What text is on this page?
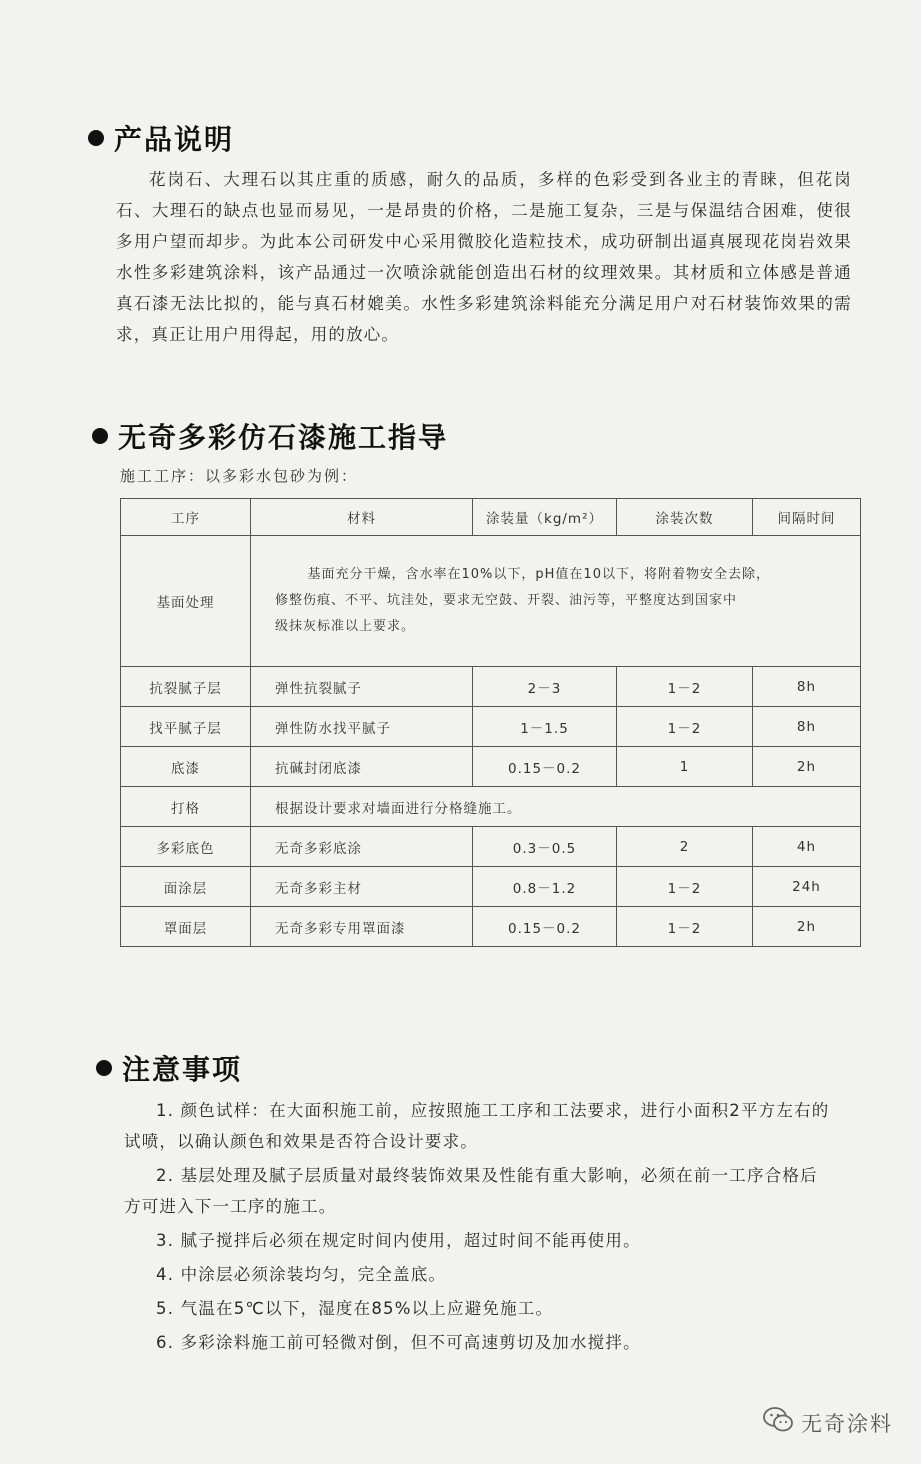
产品说明

花岗石、大理石以其庄重的质感，耐久的品质，多样的色彩受到各业主的青睐，但花岗石、大理石的缺点也显而易见，一是昂贵的价格，二是施工复杂，三是与保温结合困难，使很多用户望而却步。为此本公司研发中心采用微胶化造粒技术，成功研制出逼真展现花岗岩效果水性多彩建筑涂料，该产品通过一次喷涂就能创造出石材的纹理效果。其材质和立体感是普通真石漆无法比拟的，能与真石材媲美。水性多彩建筑涂料能充分满足用户对石材装饰效果的需求，真正让用户用得起，用的放心。

无奇多彩仿石漆施工指导
施工工序：以多彩水包砂为例：
工序	材料	涂装量（kg/m²）	涂装次数	间隔时间
基面处理	基面充分干燥，含水率在10%以下，pH值在10以下，将附着物安全去除，
修整伤痕、不平、坑洼处，要求无空鼓、开裂、油污等，平整度达到国家中
级抹灰标准以上要求。			

抗裂腻子层	弹性抗裂腻子	2－3	1－2	8h
找平腻子层	弹性防水找平腻子	1－1.5	1－2	8h
底漆	抗碱封闭底漆	0.15－0.2	1	2h
打格	根据设计要求对墙面进行分格缝施工。			
多彩底色	无奇多彩底涂	0.3－0.5	2	4h
面涂层	无奇多彩主材	0.8－1.2	1－2	24h
罩面层	无奇多彩专用罩面漆	0.15－0.2	1－2	2h
注意事项
1. 颜色试样：在大面积施工前，应按照施工工序和工法要求，进行小面积2平方左右的
试喷，以确认颜色和效果是否符合设计要求。
2. 基层处理及腻子层质量对最终装饰效果及性能有重大影响，必须在前一工序合格后
方可进入下一工序的施工。
3. 腻子搅拌后必须在规定时间内使用，超过时间不能再使用。
4. 中涂层必须涂装均匀，完全盖底。
5. 气温在5℃以下，湿度在85%以上应避免施工。
6. 多彩涂料施工前可轻微对倒，但不可高速剪切及加水搅拌。
无奇涂料
